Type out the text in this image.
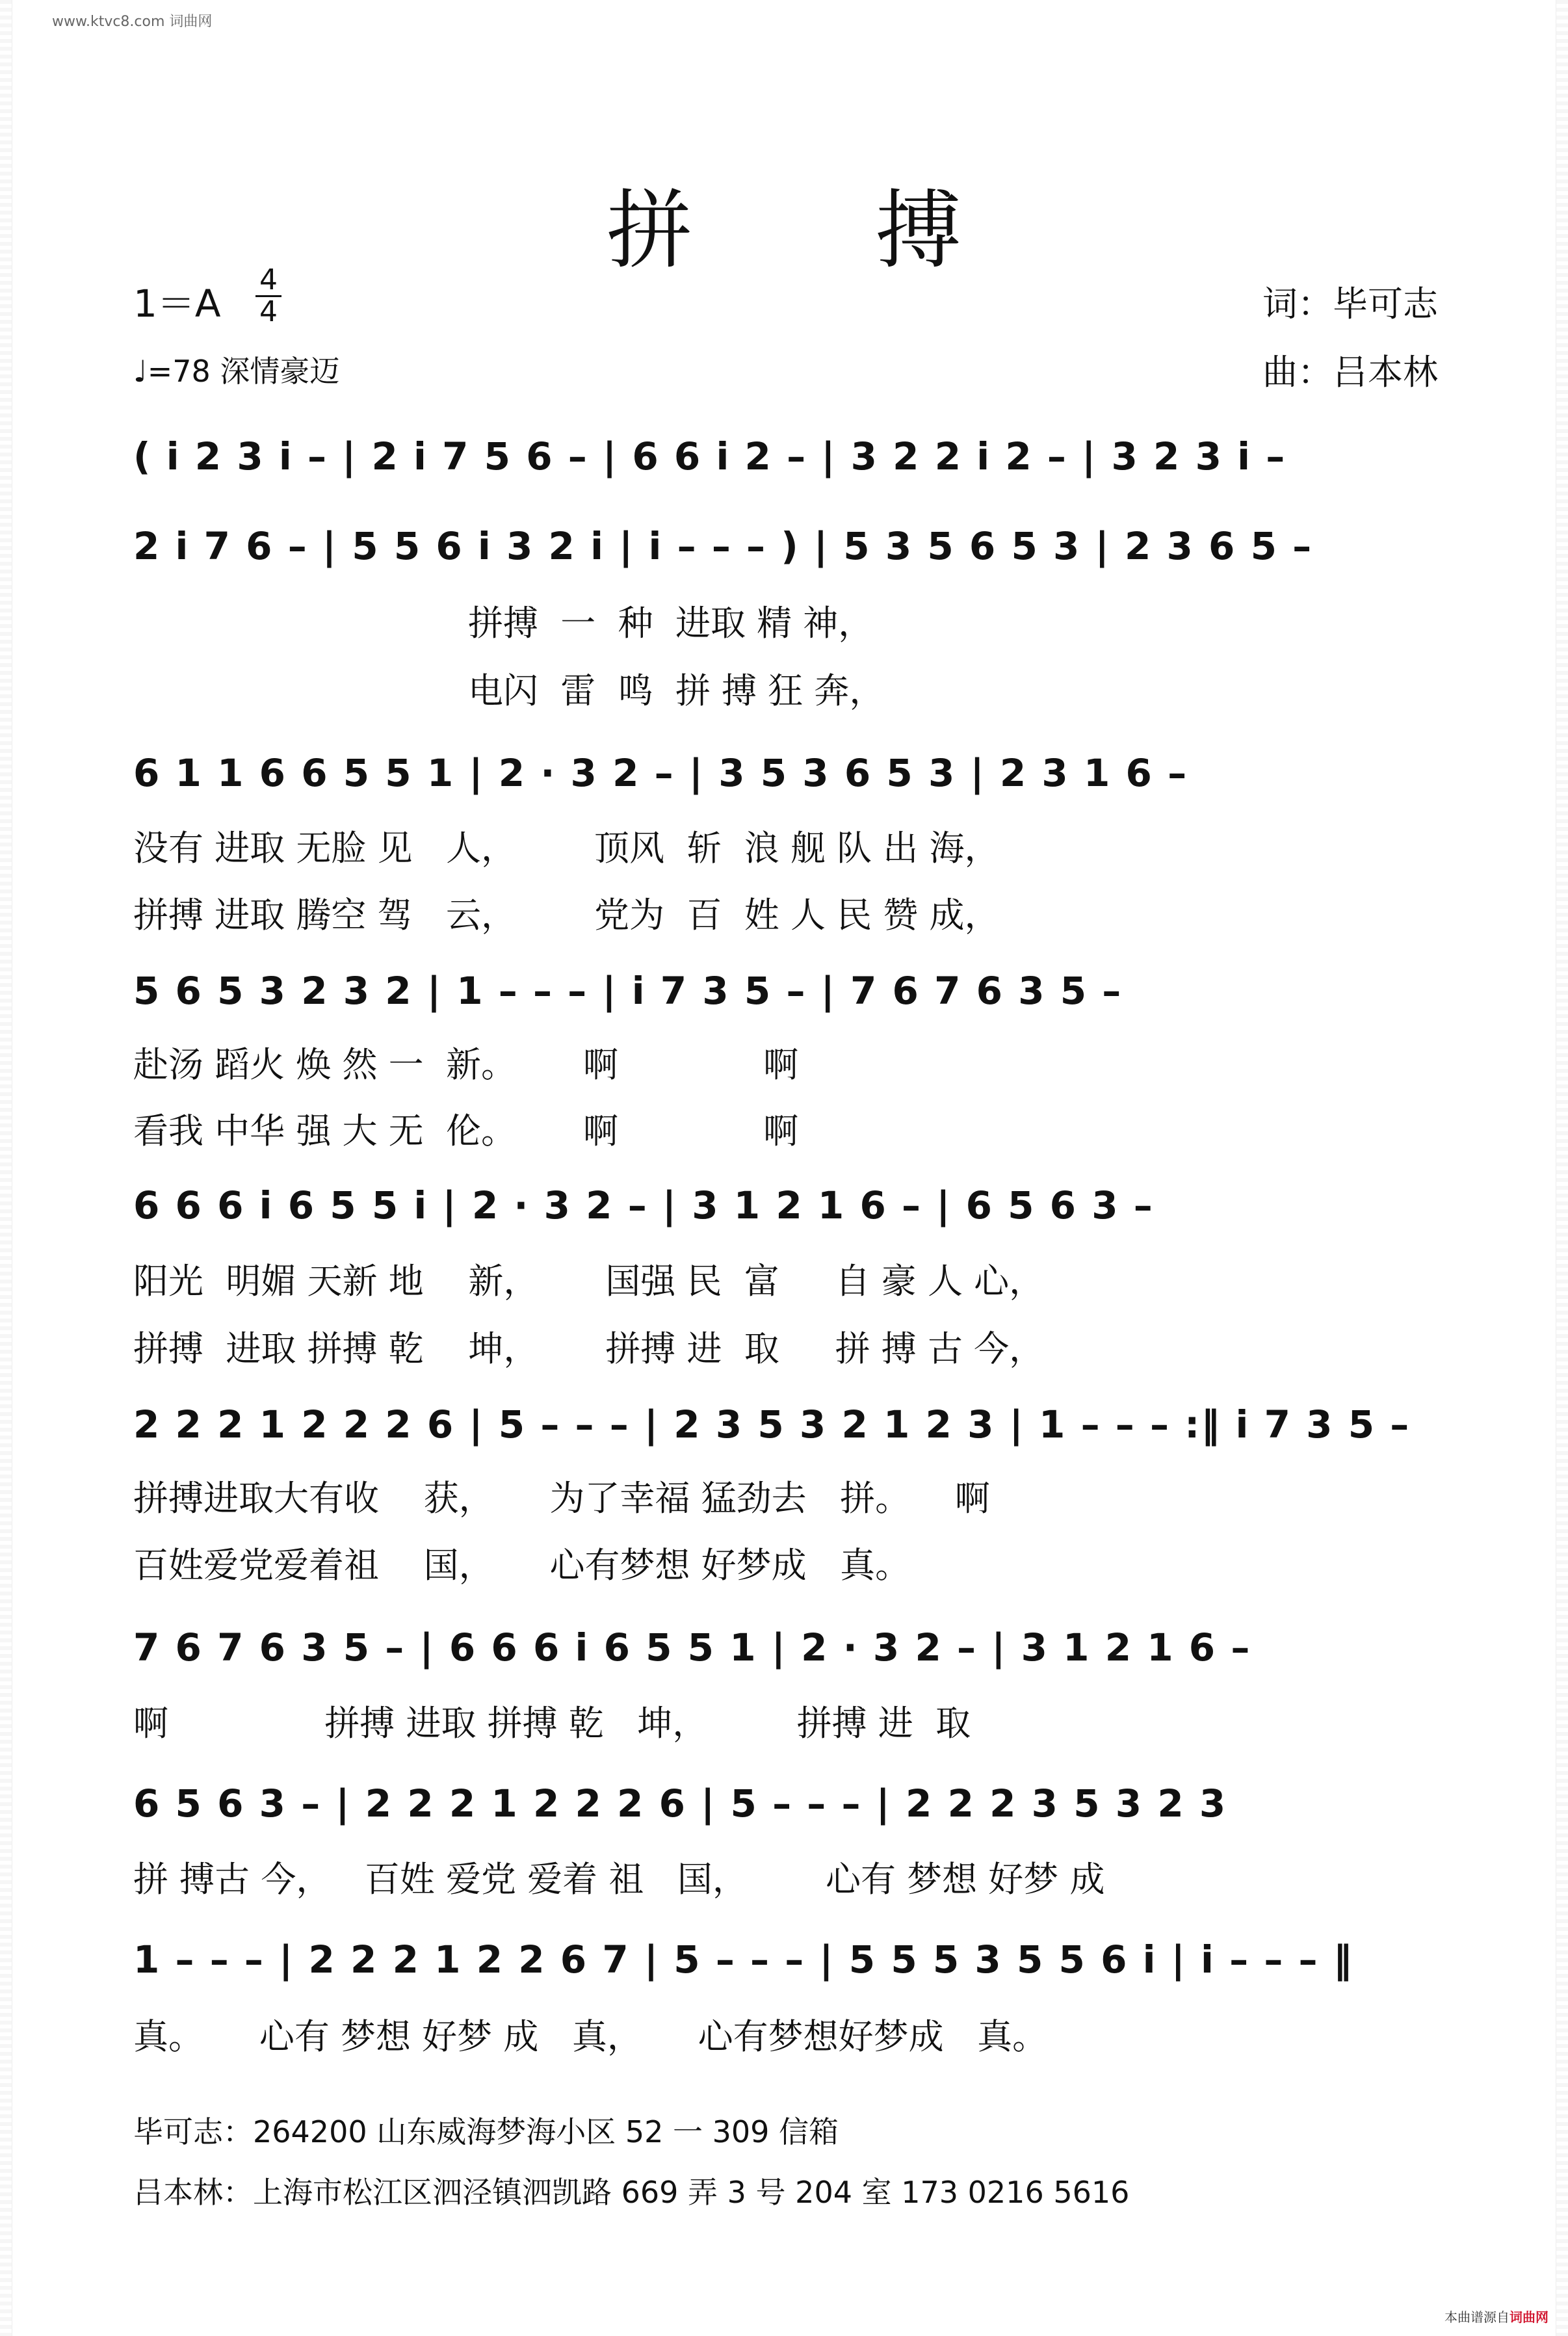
www.ktvc8.com 词曲网
拼 搏
1＝A
4
4
♩=78 深情豪迈
词：毕可志
曲：吕本林
( i 2 3 i – | 2 i 7 5 6 – | 6 6 i 2 – | 3 2 2 i 2 – | 3 2 3 i –
2 i 7 6 – | 5 5 6 i 3 2 i | i – – – ) | 5 3 5 6 5 3 | 2 3 6 5 –
拼搏  一  种  进取 精 神，
电闪  雷  鸣  拼 搏 狂 奔，
6 1 1 6 6 5 5 1 | 2 · 3 2 – | 3 5 3 6 5 3 | 2 3 1 6 –
没有 进取 无脸 见   人，       顶风  斩  浪 舰 队 出 海，
拼搏 进取 腾空 驾   云，       党为  百  姓 人 民 赞 成，
5 6 5 3 2 3 2 | 1 – – – | i 7 3 5 – | 7 6 7 6 3 5 –
赴汤 蹈火 焕 然 一  新。      啊             啊
看我 中华 强 大 无  伦。      啊             啊
6 6 6 i 6 5 5 i | 2 · 3 2 – | 3 1 2 1 6 – | 6 5 6 3 –
阳光  明媚 天新 地    新，      国强 民  富     自 豪 人 心，
拼搏  进取 拼搏 乾    坤，      拼搏 进  取     拼 搏 古 今，
2 2 2 1 2 2 2 6 | 5 – – – | 2 3 5 3 2 1 2 3 | 1 – – – :‖ i 7 3 5 –
拼搏进取大有收    获，     为了幸福 猛劲去   拼。    啊
百姓爱党爱着祖    国，     心有梦想 好梦成   真。
7 6 7 6 3 5 – | 6 6 6 i 6 5 5 1 | 2 · 3 2 – | 3 1 2 1 6 –
啊              拼搏 进取 拼搏 乾   坤，        拼搏 进  取
6 5 6 3 – | 2 2 2 1 2 2 2 6 | 5 – – – | 2 2 2 3 5 3 2 3
拼 搏古 今，   百姓 爱党 爱着 祖   国，       心有 梦想 好梦 成
1 – – – | 2 2 2 1 2 2 6 7 | 5 – – – | 5 5 5 3 5 5 6 i | i – – – ‖
真。     心有 梦想 好梦 成   真，     心有梦想好梦成   真。
毕可志：264200 山东威海梦海小区 52 一 309 信箱
吕本林：上海市松江区泗泾镇泗凯路 669 弄 3 号 204 室 173 0216 5616
本曲谱源自词曲网
